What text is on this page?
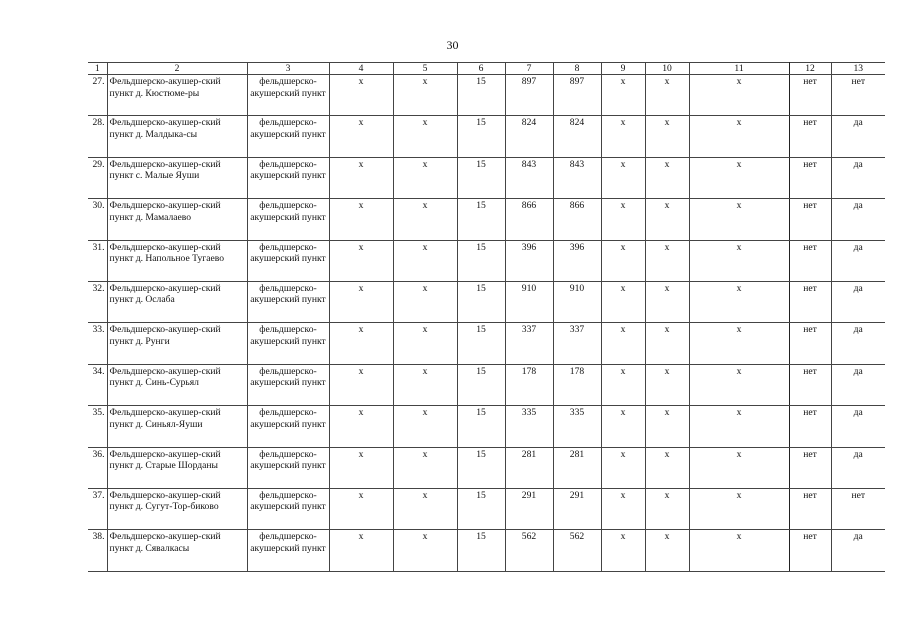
30
1	2	3	4	5	6	7	8	9	10	11	12	13
27.	Фельдшерско-акушер-ский пункт д. Кюстюме-ры	фельдшерско-акушерский пункт	х	х	15	897	897	х	х	х	нет	нет
28.	Фельдшерско-акушер-ский пункт д. Малдыка-сы	фельдшерско-акушерский пункт	х	х	15	824	824	х	х	х	нет	да
29.	Фельдшерско-акушер-ский пункт с. Малые Яуши	фельдшерско-акушерский пункт	х	х	15	843	843	х	х	х	нет	да
30.	Фельдшерско-акушер-ский пункт д. Мамалаево	фельдшерско-акушерский пункт	х	х	15	866	866	х	х	х	нет	да
31.	Фельдшерско-акушер-ский пункт д. Напольное Тугаево	фельдшерско-акушерский пункт	х	х	15	396	396	х	х	х	нет	да
32.	Фельдшерско-акушер-ский пункт д. Ослаба	фельдшерско-акушерский пункт	х	х	15	910	910	х	х	х	нет	да
33.	Фельдшерско-акушер-ский пункт д. Рунги	фельдшерско-акушерский пункт	х	х	15	337	337	х	х	х	нет	да
34.	Фельдшерско-акушер-ский пункт д. Синь-Сурьял	фельдшерско-акушерский пункт	х	х	15	178	178	х	х	х	нет	да
35.	Фельдшерско-акушер-ский пункт д. Синьял-Яуши	фельдшерско-акушерский пункт	х	х	15	335	335	х	х	х	нет	да
36.	Фельдшерско-акушер-ский пункт д. Старые Шорданы	фельдшерско-акушерский пункт	х	х	15	281	281	х	х	х	нет	да
37.	Фельдшерско-акушер-ский пункт д. Сугут-Тор-биково	фельдшерско-акушерский пункт	х	х	15	291	291	х	х	х	нет	нет
38.	Фельдшерско-акушер-ский пункт д. Сявалкасы	фельдшерско-акушерский пункт	х	х	15	562	562	х	х	х	нет	да
